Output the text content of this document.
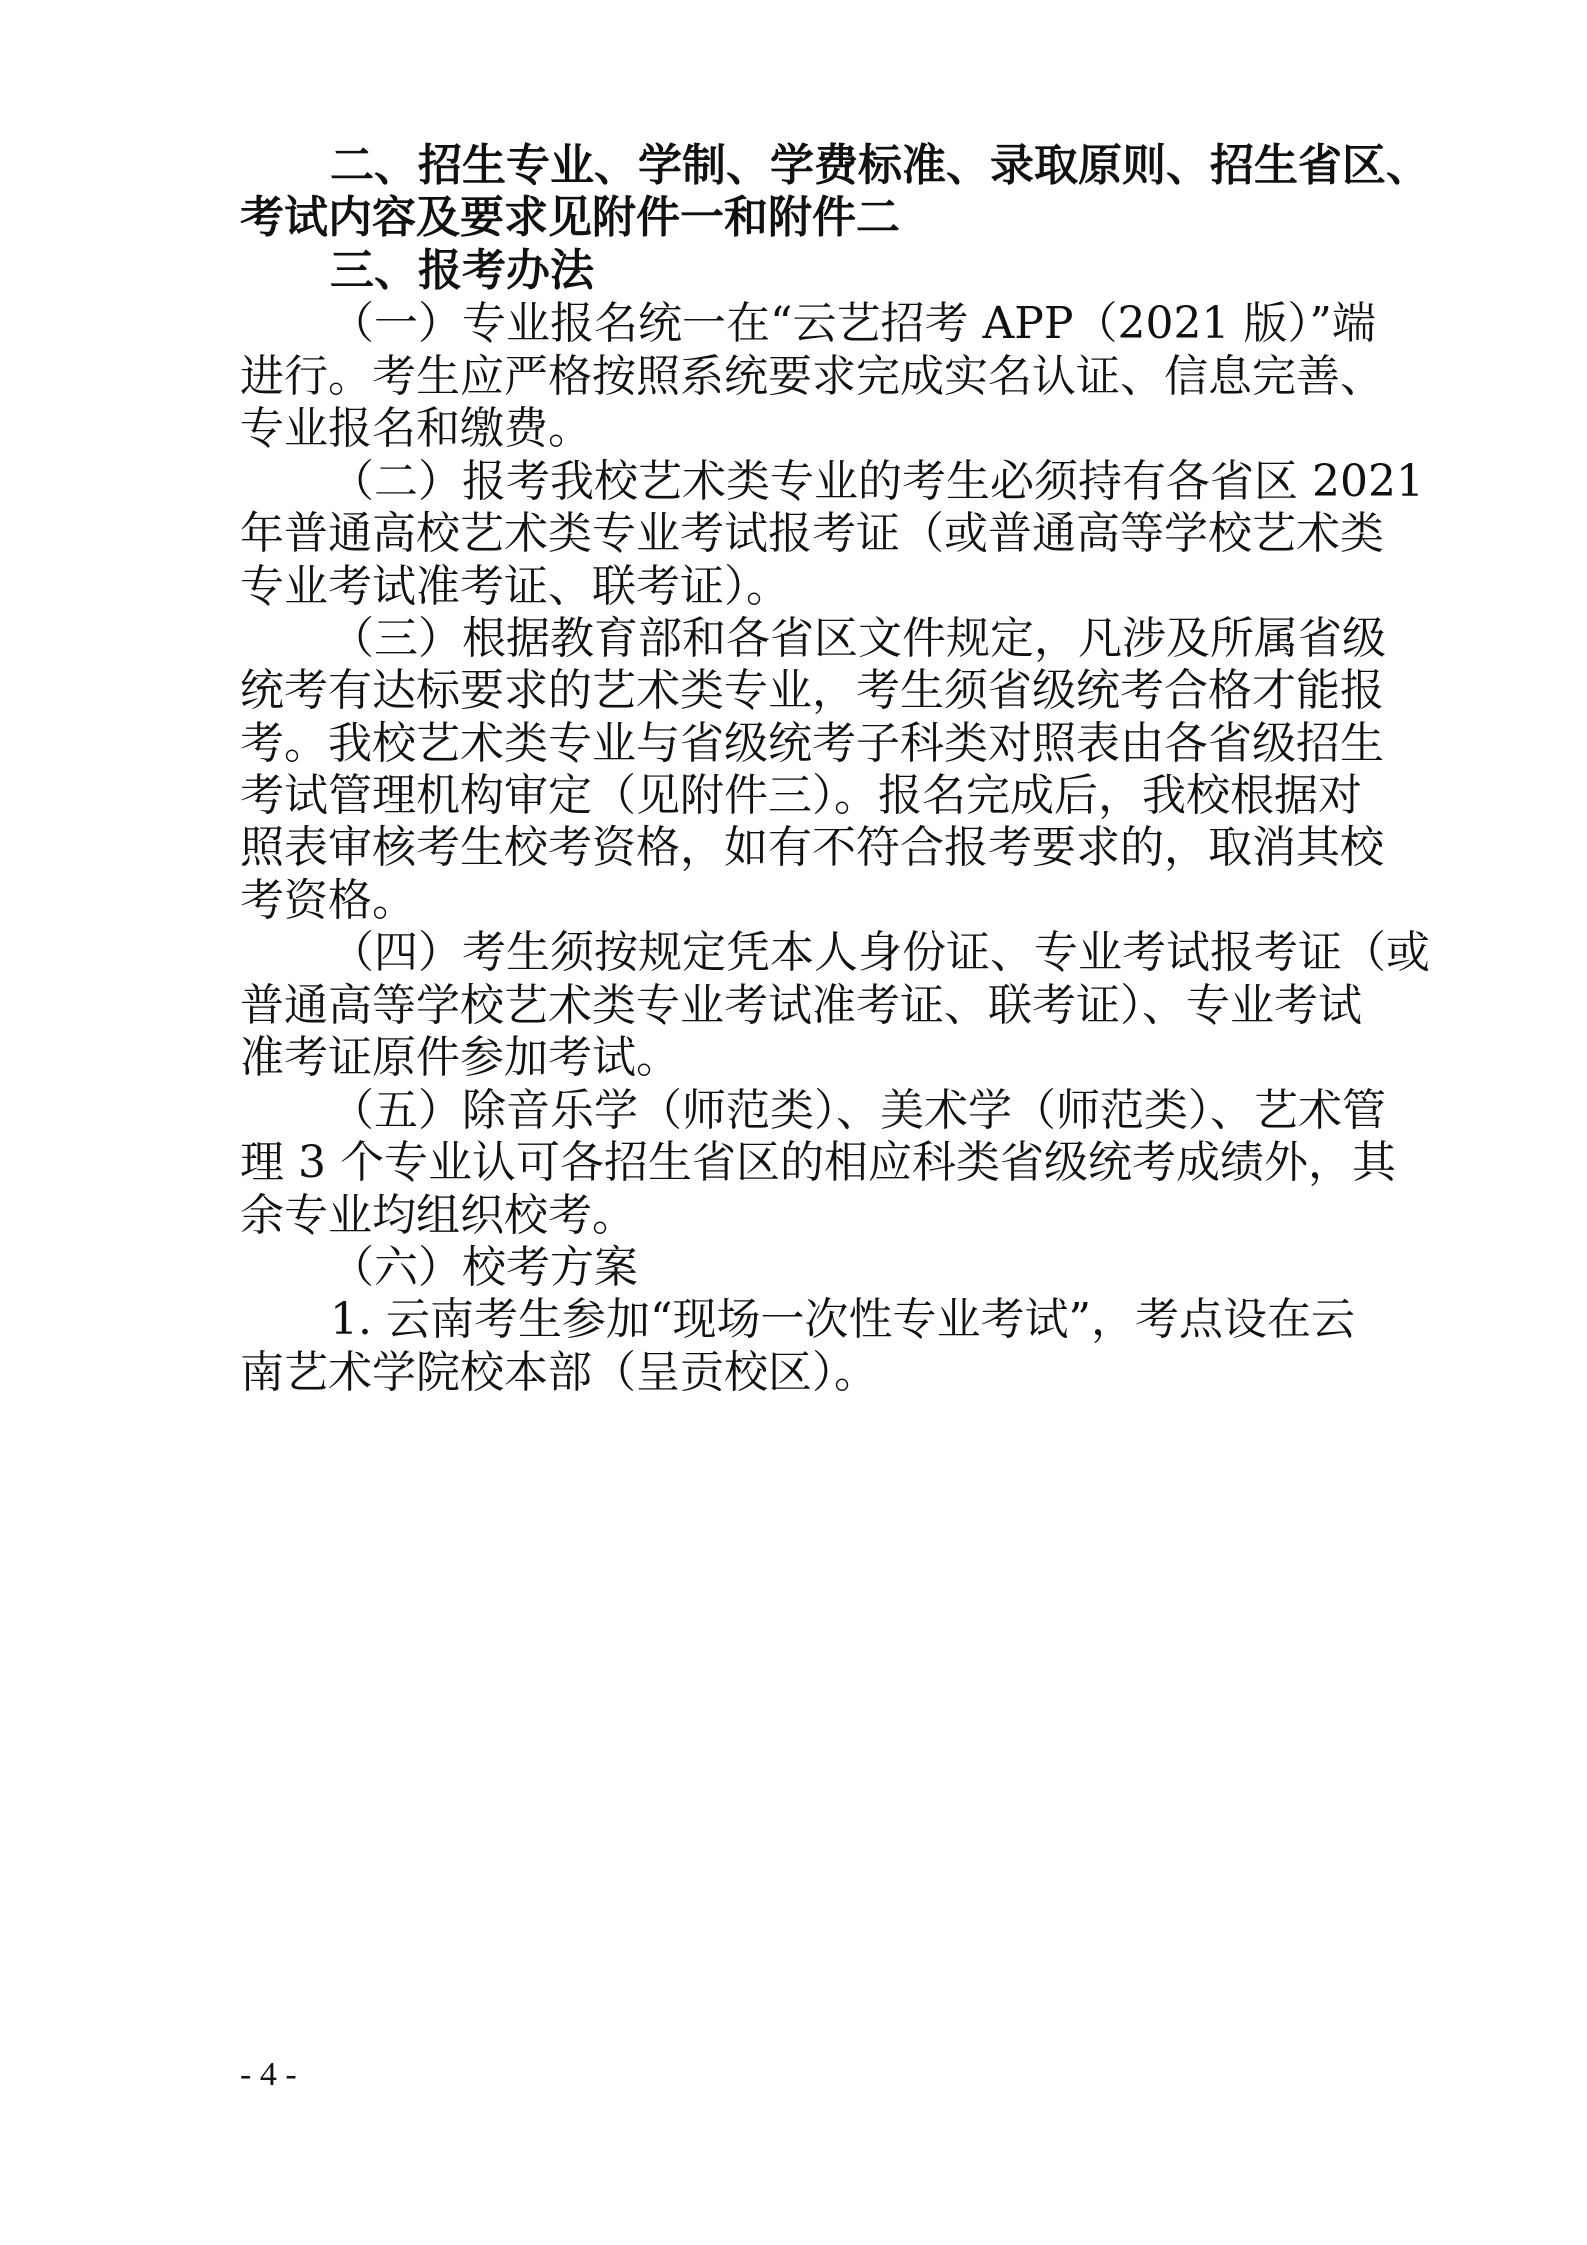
二、招生专业、学制、学费标准、录取原则、招生省区、
考试内容及要求见附件一和附件二
三、报考办法
（一）专业报名统一在“云艺招考 APP（2021 版）”端
进行。考生应严格按照系统要求完成实名认证、信息完善、
专业报名和缴费。
（二）报考我校艺术类专业的考生必须持有各省区 2021
年普通高校艺术类专业考试报考证（或普通高等学校艺术类
专业考试准考证、联考证）。
（三）根据教育部和各省区文件规定，凡涉及所属省级
统考有达标要求的艺术类专业，考生须省级统考合格才能报
考。我校艺术类专业与省级统考子科类对照表由各省级招生
考试管理机构审定（见附件三）。报名完成后，我校根据对
照表审核考生校考资格，如有不符合报考要求的，取消其校
考资格。
（四）考生须按规定凭本人身份证、专业考试报考证（或
普通高等学校艺术类专业考试准考证、联考证）、专业考试
准考证原件参加考试。
（五）除音乐学（师范类）、美术学（师范类）、艺术管
理 3 个专业认可各招生省区的相应科类省级统考成绩外，其
余专业均组织校考。
（六）校考方案
1. 云南考生参加“现场一次性专业考试”，考点设在云
南艺术学院校本部（呈贡校区）。
- 4 -
